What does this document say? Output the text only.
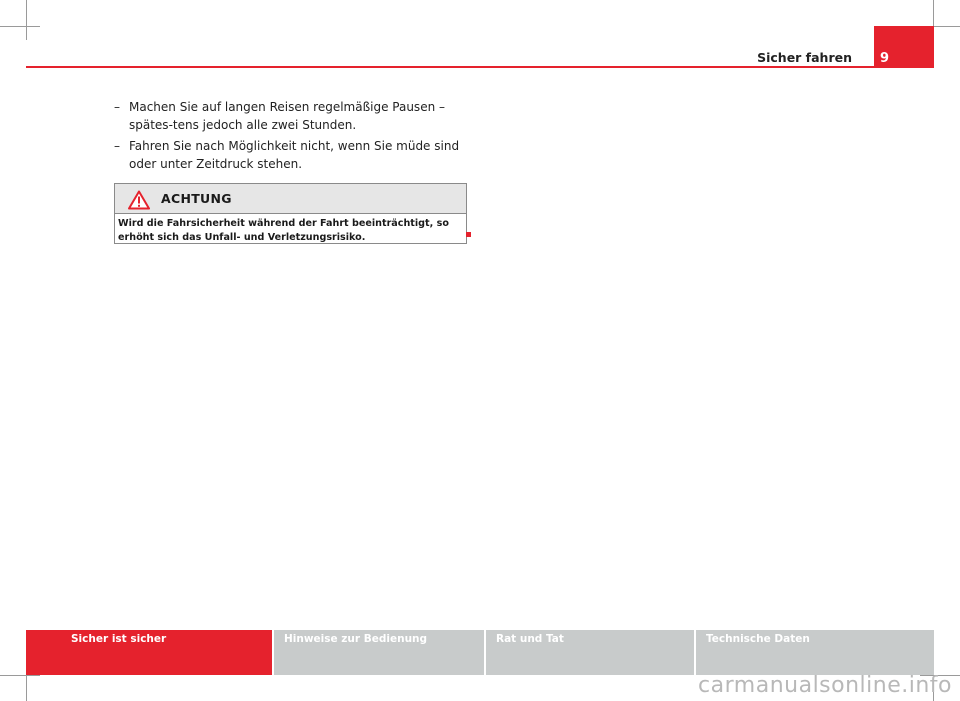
Sicher fahren 9
– Machen Sie auf langen Reisen regelmäßige Pausen – spätes-tens jedoch alle zwei Stunden.
– Fahren Sie nach Möglichkeit nicht, wenn Sie müde sind oder unter Zeitdruck stehen.
ACHTUNG
Wird die Fahrsicherheit während der Fahrt beeinträchtigt, so erhöht sich das Unfall- und Verletzungsrisiko.
Sicher ist sicher	Hinweise zur Bedienung	Rat und Tat	Technische Daten
carmanualsonline.info
